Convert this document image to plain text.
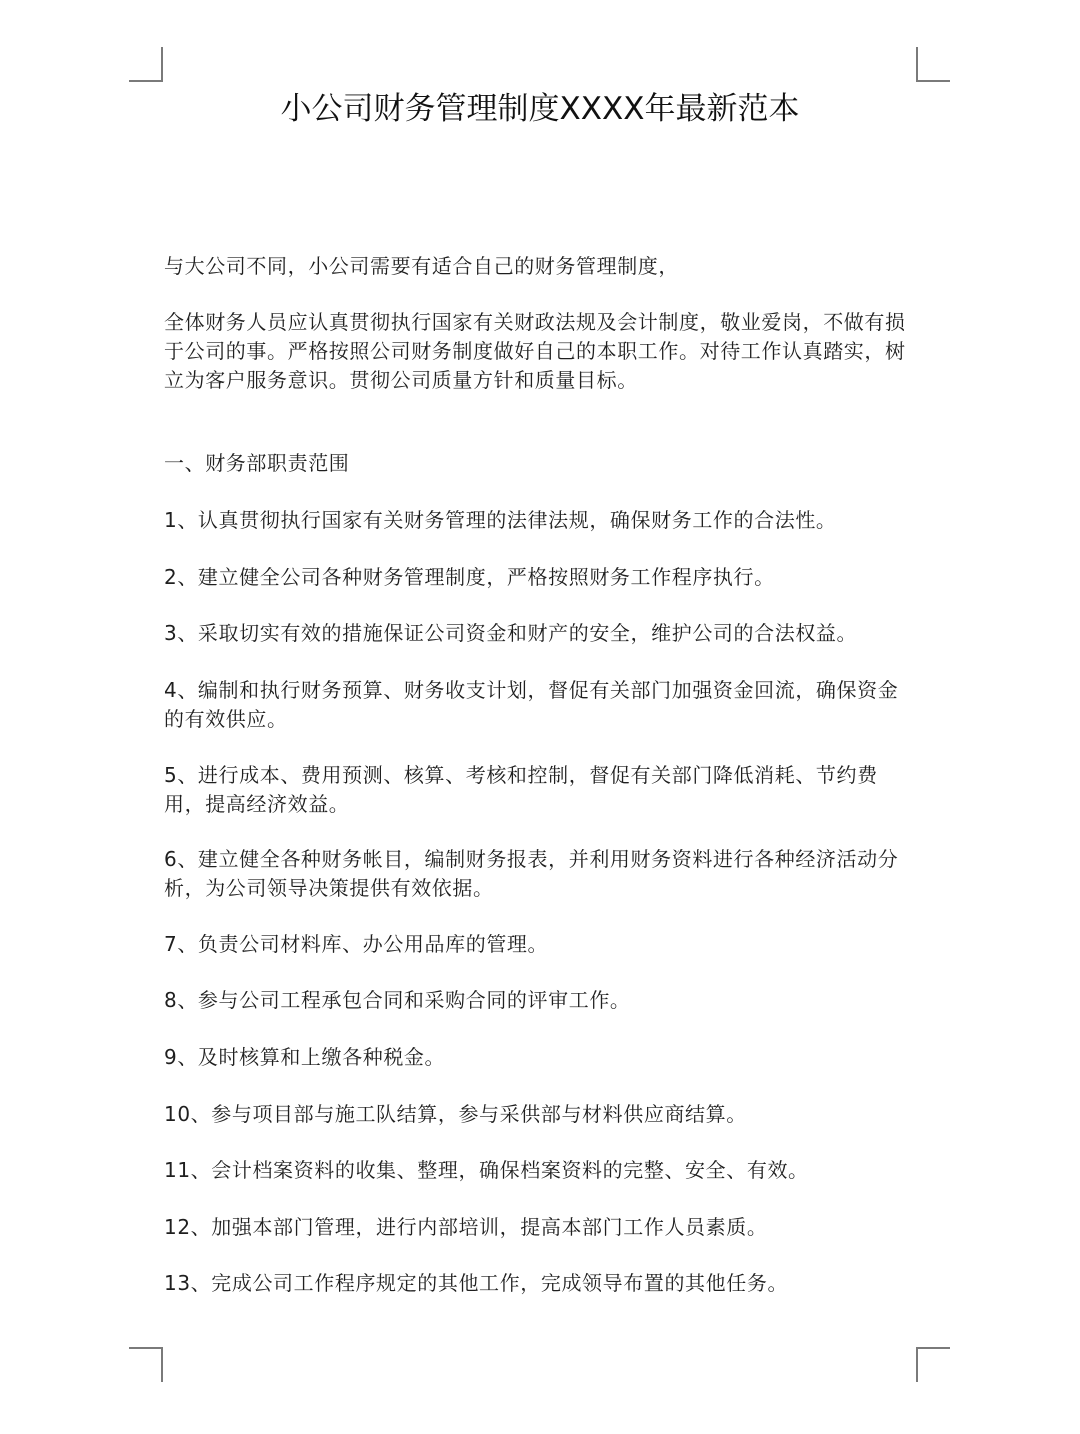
小公司财务管理制度XXXX年最新范本

与大公司不同，小公司需要有适合自己的财务管理制度，

全体财务人员应认真贯彻执行国家有关财政法规及会计制度，敬业爱岗，不做有损于公司的事。严格按照公司财务制度做好自己的本职工作。对待工作认真踏实，树立为客户服务意识。贯彻公司质量方针和质量目标。

一、财务部职责范围

1、认真贯彻执行国家有关财务管理的法律法规，确保财务工作的合法性。

2、建立健全公司各种财务管理制度，严格按照财务工作程序执行。

3、采取切实有效的措施保证公司资金和财产的安全，维护公司的合法权益。

4、编制和执行财务预算、财务收支计划，督促有关部门加强资金回流，确保资金的有效供应。

5、进行成本、费用预测、核算、考核和控制，督促有关部门降低消耗、节约费用，提高经济效益。

6、建立健全各种财务帐目，编制财务报表，并利用财务资料进行各种经济活动分析，为公司领导决策提供有效依据。

7、负责公司材料库、办公用品库的管理。

8、参与公司工程承包合同和采购合同的评审工作。

9、及时核算和上缴各种税金。

10、参与项目部与施工队结算，参与采供部与材料供应商结算。

11、会计档案资料的收集、整理，确保档案资料的完整、安全、有效。

12、加强本部门管理，进行内部培训，提高本部门工作人员素质。

13、完成公司工作程序规定的其他工作，完成领导布置的其他任务。
